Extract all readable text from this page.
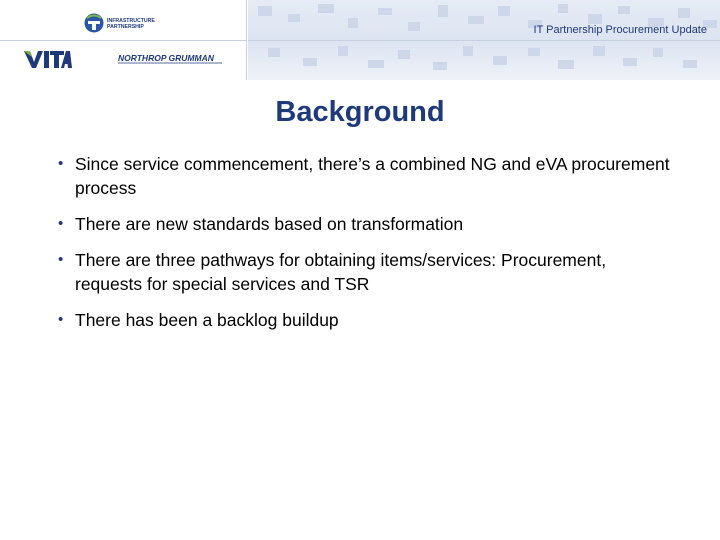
INFRASTRUCTURE
PARTNERSHIP
NORTHROP GRUMMAN
IT Partnership Procurement Update
Background
• Since service commencement, there’s a combined NG and eVA procurement process
• There are new standards based on transformation
• There are three pathways for obtaining items/services: Procurement, requests for special services and TSR
• There has been a backlog buildup
